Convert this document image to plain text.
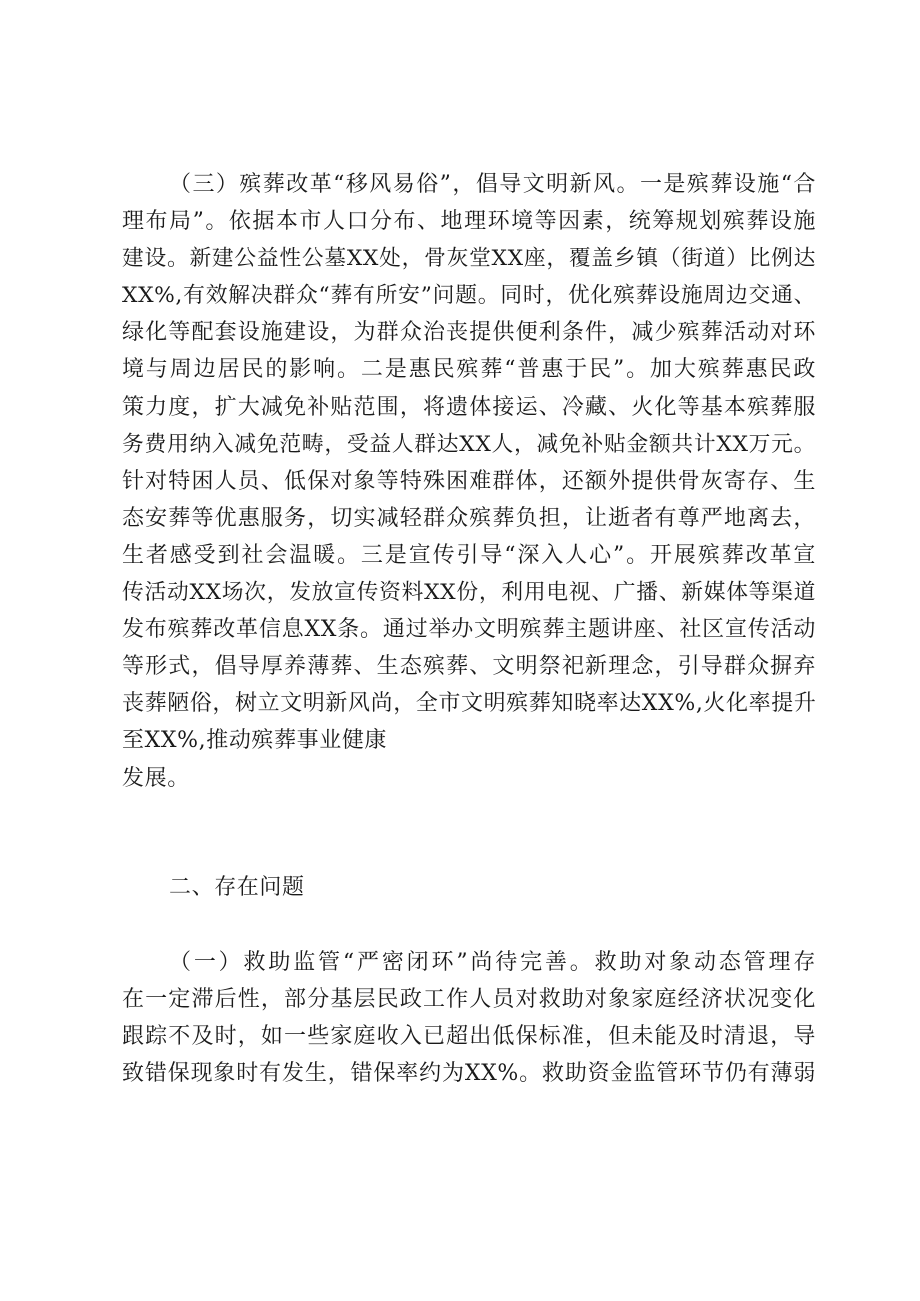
（三）殡葬改革“移风易俗”，倡导文明新风。一是殡葬设施“合
理布局”。依据本市人口分布、地理环境等因素，统筹规划殡葬设施
建设。新建公益性公墓XX处，骨灰堂XX座，覆盖乡镇（街道）比例达
XX%,有效解决群众“葬有所安”问题。同时，优化殡葬设施周边交通、
绿化等配套设施建设，为群众治丧提供便利条件，减少殡葬活动对环
境与周边居民的影响。二是惠民殡葬“普惠于民”。加大殡葬惠民政
策力度，扩大减免补贴范围，将遗体接运、冷藏、火化等基本殡葬服
务费用纳入减免范畴，受益人群达XX人，减免补贴金额共计XX万元。
针对特困人员、低保对象等特殊困难群体，还额外提供骨灰寄存、生
态安葬等优惠服务，切实减轻群众殡葬负担，让逝者有尊严地离去，
生者感受到社会温暖。三是宣传引导“深入人心”。开展殡葬改革宣
传活动XX场次，发放宣传资料XX份，利用电视、广播、新媒体等渠道
发布殡葬改革信息XX条。通过举办文明殡葬主题讲座、社区宣传活动
等形式，倡导厚养薄葬、生态殡葬、文明祭祀新理念，引导群众摒弃
丧葬陋俗，树立文明新风尚，全市文明殡葬知晓率达XX%,火化率提升
至XX%,推动殡葬事业健康
发展。
二、存在问题
（一）救助监管“严密闭环”尚待完善。救助对象动态管理存
在一定滞后性，部分基层民政工作人员对救助对象家庭经济状况变化
跟踪不及时，如一些家庭收入已超出低保标准，但未能及时清退，导
致错保现象时有发生，错保率约为XX%。救助资金监管环节仍有薄弱
